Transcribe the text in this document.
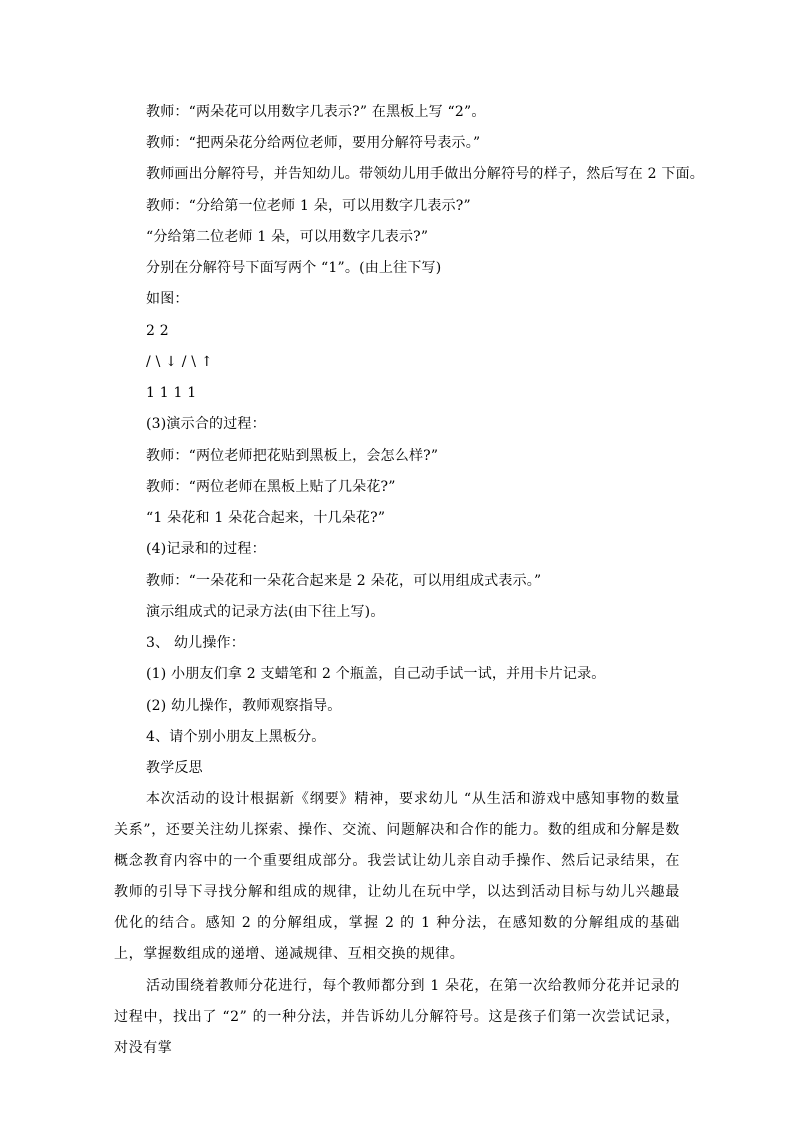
教师：“两朵花可以用数字几表示?” 在黑板上写 “2”。
教师：“把两朵花分给两位老师，要用分解符号表示。”
教师画出分解符号，并告知幼儿。带领幼儿用手做出分解符号的样子，然后写在 2 下面。
教师：“分给第一位老师 1 朵，可以用数字几表示?”
“分给第二位老师 1 朵，可以用数字几表示?”
分别在分解符号下面写两个 “1”。(由上往下写)
如图：
2 2
/ \ ↓ / \ ↑
1 1 1 1
(3)演示合的过程：
教师：“两位老师把花贴到黑板上，会怎么样?”
教师：“两位老师在黑板上贴了几朵花?”
“1 朵花和 1 朵花合起来，十几朵花?”
(4)记录和的过程：
教师：“一朵花和一朵花合起来是 2 朵花，可以用组成式表示。”
演示组成式的记录方法(由下往上写)。
3、 幼儿操作：
(1) 小朋友们拿 2 支蜡笔和 2 个瓶盖，自己动手试一试，并用卡片记录。
(2) 幼儿操作，教师观察指导。
4、请个别小朋友上黑板分。
教学反思
本次活动的设计根据新《纲要》精神，要求幼儿 “从生活和游戏中感知事物的数量关系”，还要关注幼儿探索、操作、交流、问题解决和合作的能力。数的组成和分解是数概念教育内容中的一个重要组成部分。我尝试让幼儿亲自动手操作、然后记录结果，在教师的引导下寻找分解和组成的规律，让幼儿在玩中学，以达到活动目标与幼儿兴趣最优化的结合。感知 2 的分解组成，掌握 2 的 1 种分法，在感知数的分解组成的基础上，掌握数组成的递增、递减规律、互相交换的规律。
活动围绕着教师分花进行，每个教师都分到 1 朵花，在第一次给教师分花并记录的过程中，找出了 “2” 的一种分法，并告诉幼儿分解符号。这是孩子们第一次尝试记录，对没有掌
